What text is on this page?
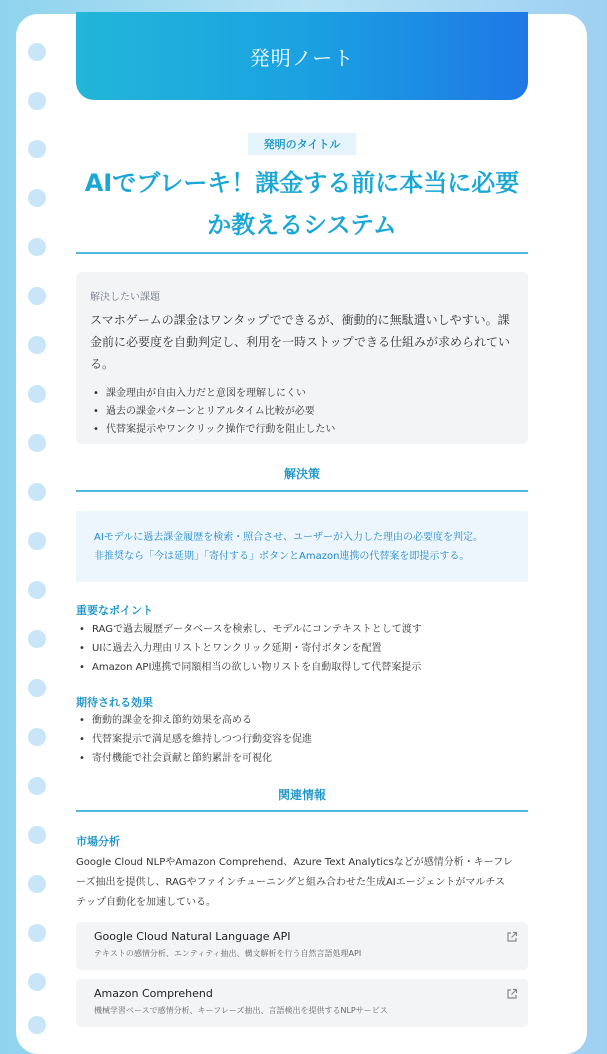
発明ノート
発明のタイトル
AIでブレーキ！課金する前に本当に必要
か教えるシステム
解決したい課題
スマホゲームの課金はワンタップでできるが、衝動的に無駄遣いしやすい。課金前に必要度を自動判定し、利用を一時ストップできる仕組みが求められている。
• 課金理由が自由入力だと意図を理解しにくい
• 過去の課金パターンとリアルタイム比較が必要
• 代替案提示やワンクリック操作で行動を阻止したい
解決策
AIモデルに過去課金履歴を検索・照合させ、ユーザーが入力した理由の必要度を判定。
非推奨なら「今は延期」「寄付する」ボタンとAmazon連携の代替案を即提示する。
重要なポイント
• RAGで過去履歴データベースを検索し、モデルにコンテキストとして渡す
• UIに過去入力理由リストとワンクリック延期・寄付ボタンを配置
• Amazon API連携で同額相当の欲しい物リストを自動取得して代替案提示
期待される効果
• 衝動的課金を抑え節約効果を高める
• 代替案提示で満足感を維持しつつ行動変容を促進
• 寄付機能で社会貢献と節約累計を可視化
関連情報
市場分析
Google Cloud NLPやAmazon Comprehend、Azure Text Analyticsなどが感情分析・キーフレ
ーズ抽出を提供し、RAGやファインチューニングと組み合わせた生成AIエージェントがマルチス
テップ自動化を加速している。
Google Cloud Natural Language API
テキストの感情分析、エンティティ抽出、構文解析を行う自然言語処理API
Amazon Comprehend
機械学習ベースで感情分析、キーフレーズ抽出、言語検出を提供するNLPサービス
